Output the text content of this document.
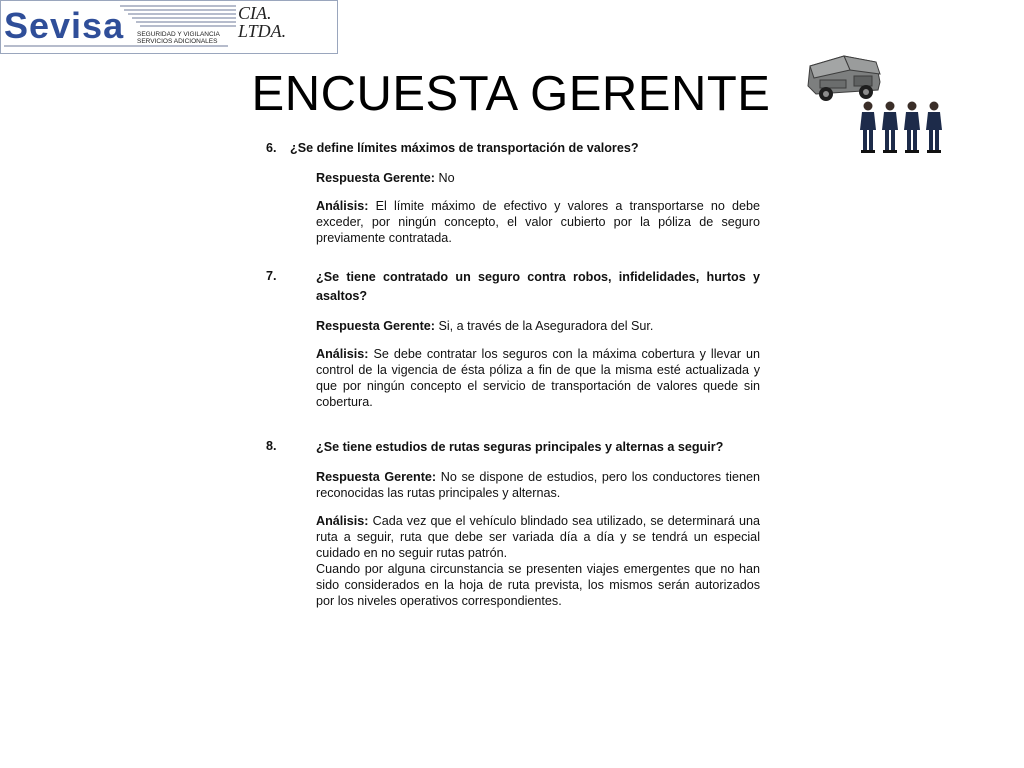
Sevisa SEGURIDAD Y VIGILANCIA
SERVICIOS ADICIONALES
CIA.
LTDA.
ENCUESTA GERENTE
6.	¿Se define límites máximos de transportación de valores?
Respuesta Gerente: No
Análisis: El límite máximo de efectivo y valores a transportarse no debe exceder, por ningún concepto, el valor cubierto por la póliza de seguro previamente contratada.
7.	¿Se tiene contratado un seguro contra robos, infidelidades, hurtos y asaltos?
Respuesta Gerente: Si, a través de la Aseguradora del Sur.
Análisis: Se debe contratar los seguros con la máxima cobertura y llevar un control de la vigencia de ésta póliza a fin de que la misma esté actualizada y que por ningún concepto el servicio de transportación de valores quede sin cobertura.
8.	¿Se tiene estudios de rutas seguras principales y alternas a seguir?
Respuesta Gerente: No se dispone de estudios, pero los conductores tienen reconocidas las rutas principales y alternas.
Análisis: Cada vez que el vehículo blindado sea utilizado, se determinará una ruta a seguir, ruta que debe ser variada día a día y se tendrá un especial cuidado en no seguir rutas patrón.
Cuando por alguna circunstancia se presenten viajes emergentes que no han sido considerados en la hoja de ruta prevista, los mismos serán autorizados por los niveles operativos correspondientes.
